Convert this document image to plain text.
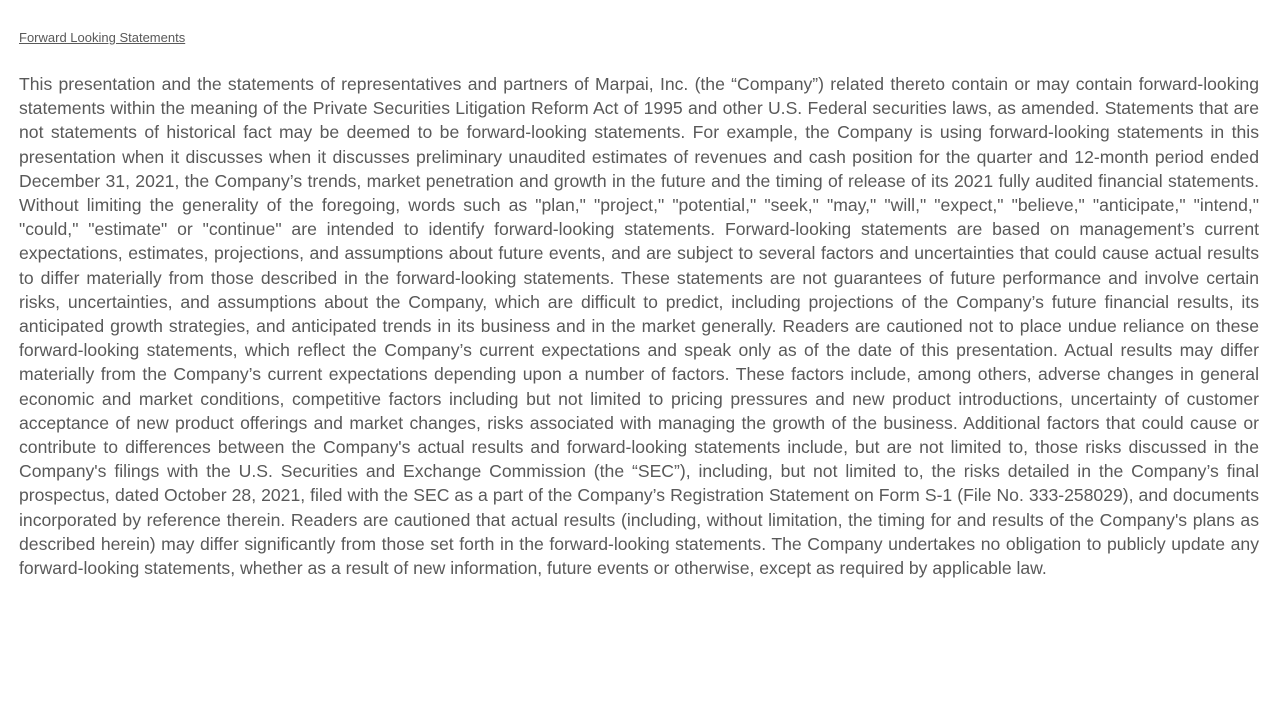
Forward Looking Statements

This presentation and the statements of representatives and partners of Marpai, Inc. (the “Company”) related thereto contain or may contain forward-looking statements within the meaning of the Private Securities Litigation Reform Act of 1995 and other U.S. Federal securities laws, as amended. Statements that are not statements of historical fact may be deemed to be forward-looking statements. For example, the Company is using forward-looking statements in this presentation when it discusses when it discusses preliminary unaudited estimates of revenues and cash position for the quarter and 12-month period ended December 31, 2021, the Company’s trends, market penetration and growth in the future and the timing of release of its 2021 fully audited financial statements. Without limiting the generality of the foregoing, words such as "plan," "project," "potential," "seek," "may," "will," "expect," "believe," "anticipate," "intend," "could," "estimate" or "continue" are intended to identify forward-looking statements. Forward-looking statements are based on management’s current expectations, estimates, projections, and assumptions about future events, and are subject to several factors and uncertainties that could cause actual results to differ materially from those described in the forward-looking statements. These statements are not guarantees of future performance and involve certain risks, uncertainties, and assumptions about the Company, which are difficult to predict, including projections of the Company’s future financial results, its anticipated growth strategies, and anticipated trends in its business and in the market generally. Readers are cautioned not to place undue reliance on these forward-looking statements, which reflect the Company’s current expectations and speak only as of the date of this presentation. Actual results may differ materially from the Company’s current expectations depending upon a number of factors. These factors include, among others, adverse changes in general economic and market conditions, competitive factors including but not limited to pricing pressures and new product introductions, uncertainty of customer acceptance of new product offerings and market changes, risks associated with managing the growth of the business. Additional factors that could cause or contribute to differences between the Company's actual results and forward-looking statements include, but are not limited to, those risks discussed in the Company's filings with the U.S. Securities and Exchange Commission (the “SEC”), including, but not limited to, the risks detailed in the Company’s final prospectus, dated October 28, 2021, filed with the SEC as a part of the Company’s Registration Statement on Form S-1 (File No. 333-258029), and documents incorporated by reference therein. Readers are cautioned that actual results (including, without limitation, the timing for and results of the Company's plans as described herein) may differ significantly from those set forth in the forward-looking statements. The Company undertakes no obligation to publicly update any forward-looking statements, whether as a result of new information, future events or otherwise, except as required by applicable law.
